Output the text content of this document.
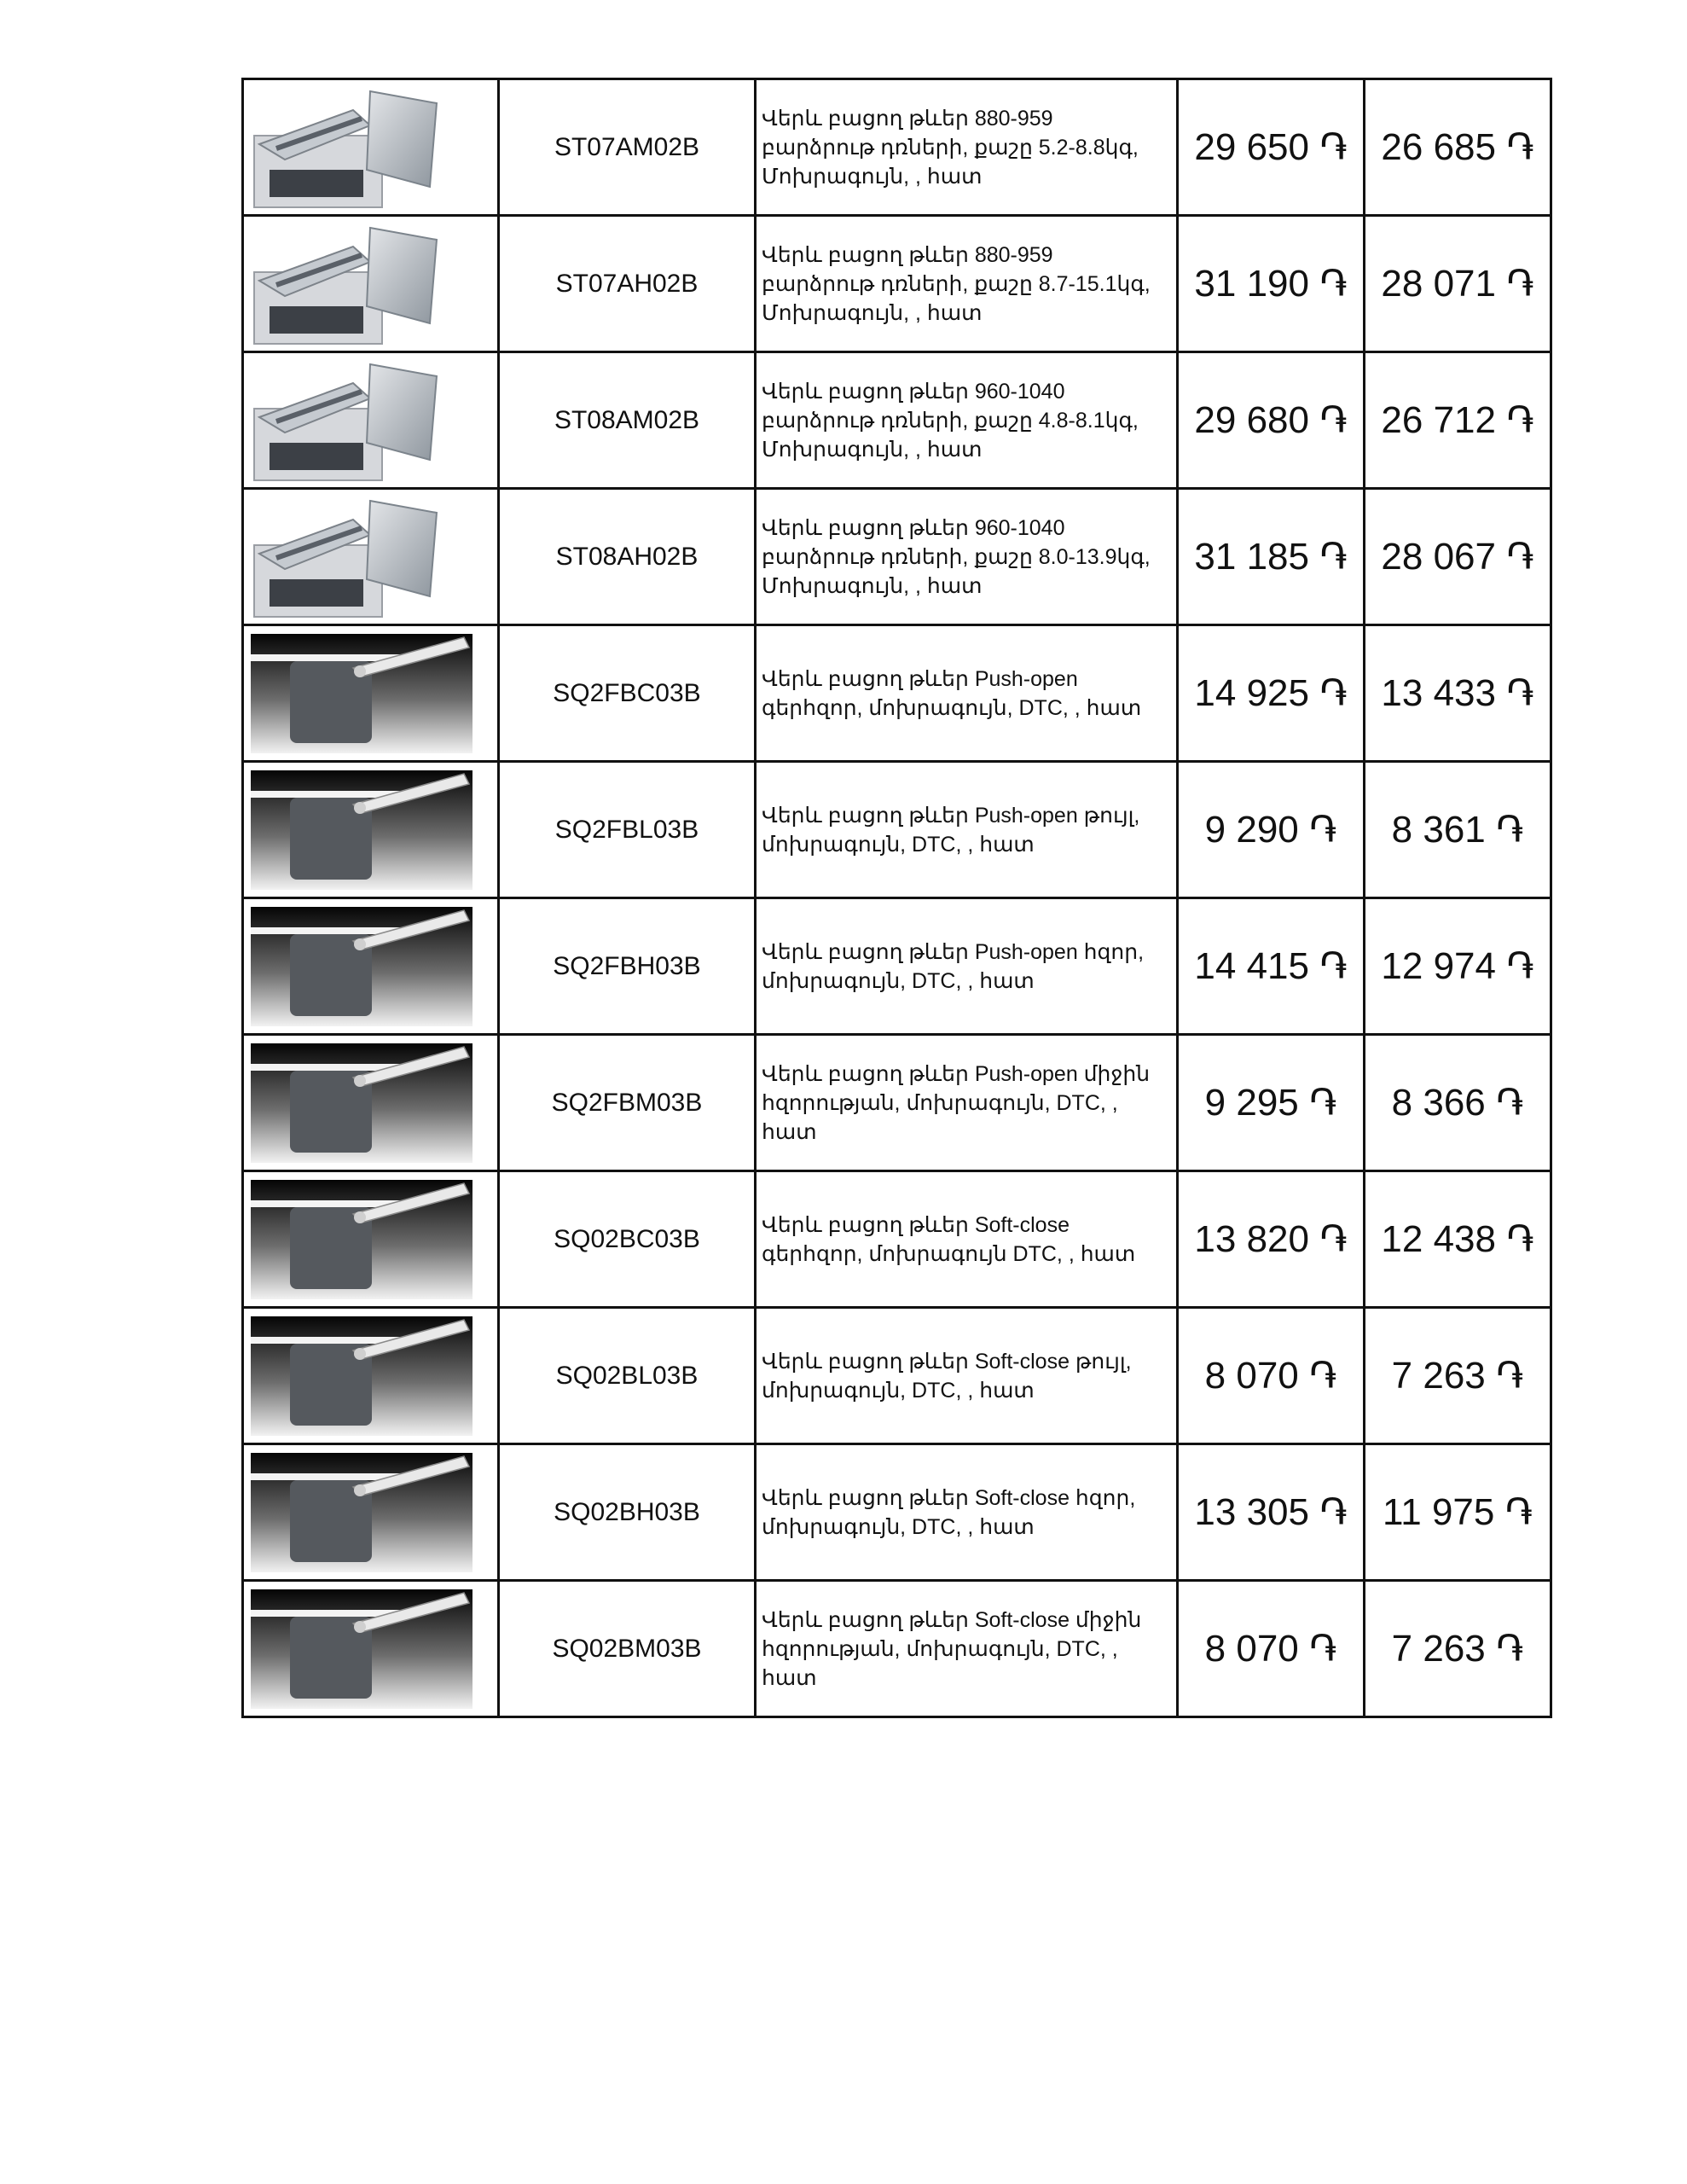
	ST07AM02B	Վերև բացող թևեր 880-959 բարձրութ դռների, քաշը 5.2-8.8կգ, Մոխրագույն, , հատ	29 650 ֏	26 685 ֏

	ST07AH02B	Վերև բացող թևեր 880-959 բարձրութ դռների, քաշը 8.7-15.1կգ, Մոխրագույն, , հատ	31 190 ֏	28 071 ֏

	ST08AM02B	Վերև բացող թևեր 960-1040 բարձրութ դռների, քաշը 4.8-8.1կգ, Մոխրագույն, , հատ	29 680 ֏	26 712 ֏

	ST08AH02B	Վերև բացող թևեր 960-1040 բարձրութ դռների, քաշը 8.0-13.9կգ, Մոխրագույն, , հատ	31 185 ֏	28 067 ֏

	SQ2FBC03B	Վերև բացող թևեր Push-open գերհզոր, մոխրագույն, DTC, , հատ	14 925 ֏	13 433 ֏

	SQ2FBL03B	Վերև բացող թևեր Push-open թույլ, մոխրագույն, DTC, , հատ	9 290 ֏	8 361 ֏

	SQ2FBH03B	Վերև բացող թևեր Push-open հզոր, մոխրագույն, DTC, , հատ	14 415 ֏	12 974 ֏

	SQ2FBM03B	Վերև բացող թևեր Push-open միջին հզորության, մոխրագույն, DTC, , հատ	9 295 ֏	8 366 ֏

	SQ02BC03B	Վերև բացող թևեր Soft-close գերհզոր, մոխրագույն DTC, , հատ	13 820 ֏	12 438 ֏

	SQ02BL03B	Վերև բացող թևեր Soft-close թույլ, մոխրագույն, DTC, , հատ	8 070 ֏	7 263 ֏

	SQ02BH03B	Վերև բացող թևեր Soft-close հզոր, մոխրագույն, DTC, , հատ	13 305 ֏	11 975 ֏

	SQ02BM03B	Վերև բացող թևեր Soft-close միջին հզորության, մոխրագույն, DTC, , հատ	8 070 ֏	7 263 ֏
